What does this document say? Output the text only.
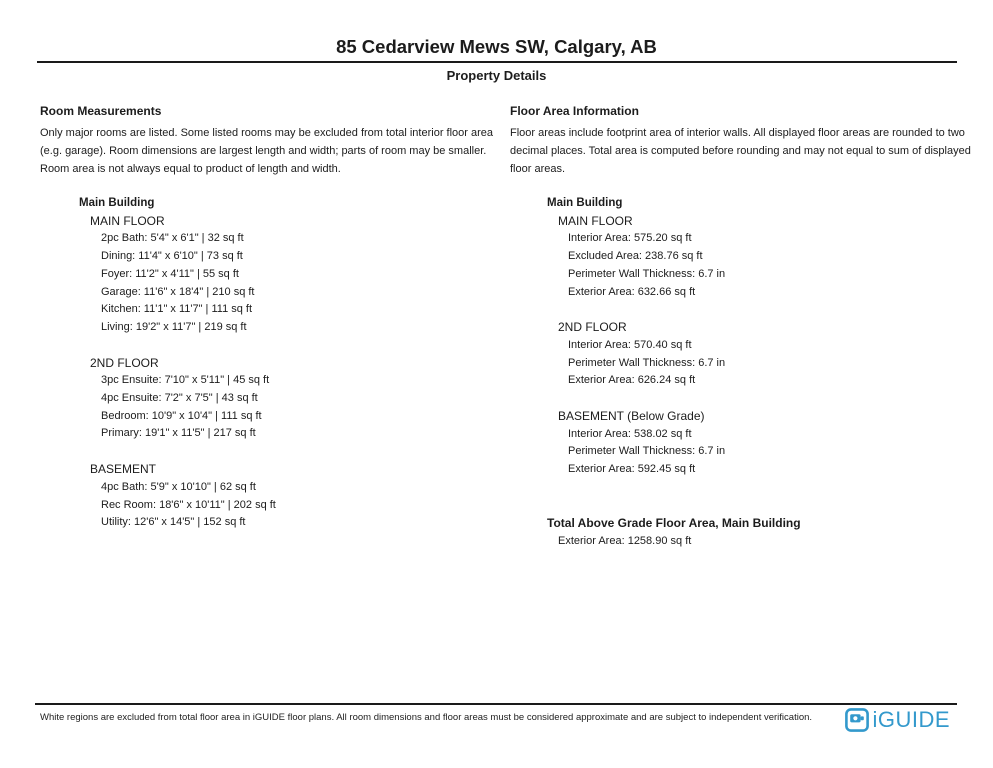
85 Cedarview Mews SW, Calgary, AB
Property Details
Room Measurements

Only major rooms are listed. Some listed rooms may be excluded from total interior floor area (e.g. garage). Room dimensions are largest length and width; parts of room may be smaller. Room area is not always equal to product of length and width.

Main Building
MAIN FLOOR
2pc Bath: 5'4" x 6'1" | 32 sq ft
Dining: 11'4" x 6'10" | 73 sq ft
Foyer: 11'2" x 4'11" | 55 sq ft
Garage: 11'6" x 18'4" | 210 sq ft
Kitchen: 11'1" x 11'7" | 111 sq ft
Living: 19'2" x 11'7" | 219 sq ft
2ND FLOOR
3pc Ensuite: 7'10" x 5'11" | 45 sq ft
4pc Ensuite: 7'2" x 7'5" | 43 sq ft
Bedroom: 10'9" x 10'4" | 111 sq ft
Primary: 19'1" x 11'5" | 217 sq ft
BASEMENT
4pc Bath: 5'9" x 10'10" | 62 sq ft
Rec Room: 18'6" x 10'11" | 202 sq ft
Utility: 12'6" x 14'5" | 152 sq ft
Floor Area Information

Floor areas include footprint area of interior walls. All displayed floor areas are rounded to two decimal places. Total area is computed before rounding and may not equal to sum of displayed floor areas.

Main Building
MAIN FLOOR
Interior Area: 575.20 sq ft
Excluded Area: 238.76 sq ft
Perimeter Wall Thickness: 6.7 in
Exterior Area: 632.66 sq ft
2ND FLOOR
Interior Area: 570.40 sq ft
Perimeter Wall Thickness: 6.7 in
Exterior Area: 626.24 sq ft
BASEMENT (Below Grade)
Interior Area: 538.02 sq ft
Perimeter Wall Thickness: 6.7 in
Exterior Area: 592.45 sq ft
Total Above Grade Floor Area, Main Building
Exterior Area: 1258.90 sq ft

White regions are excluded from total floor area in iGUIDE floor plans. All room dimensions and floor areas must be considered approximate and are subject to independent verification.	iGUIDE
